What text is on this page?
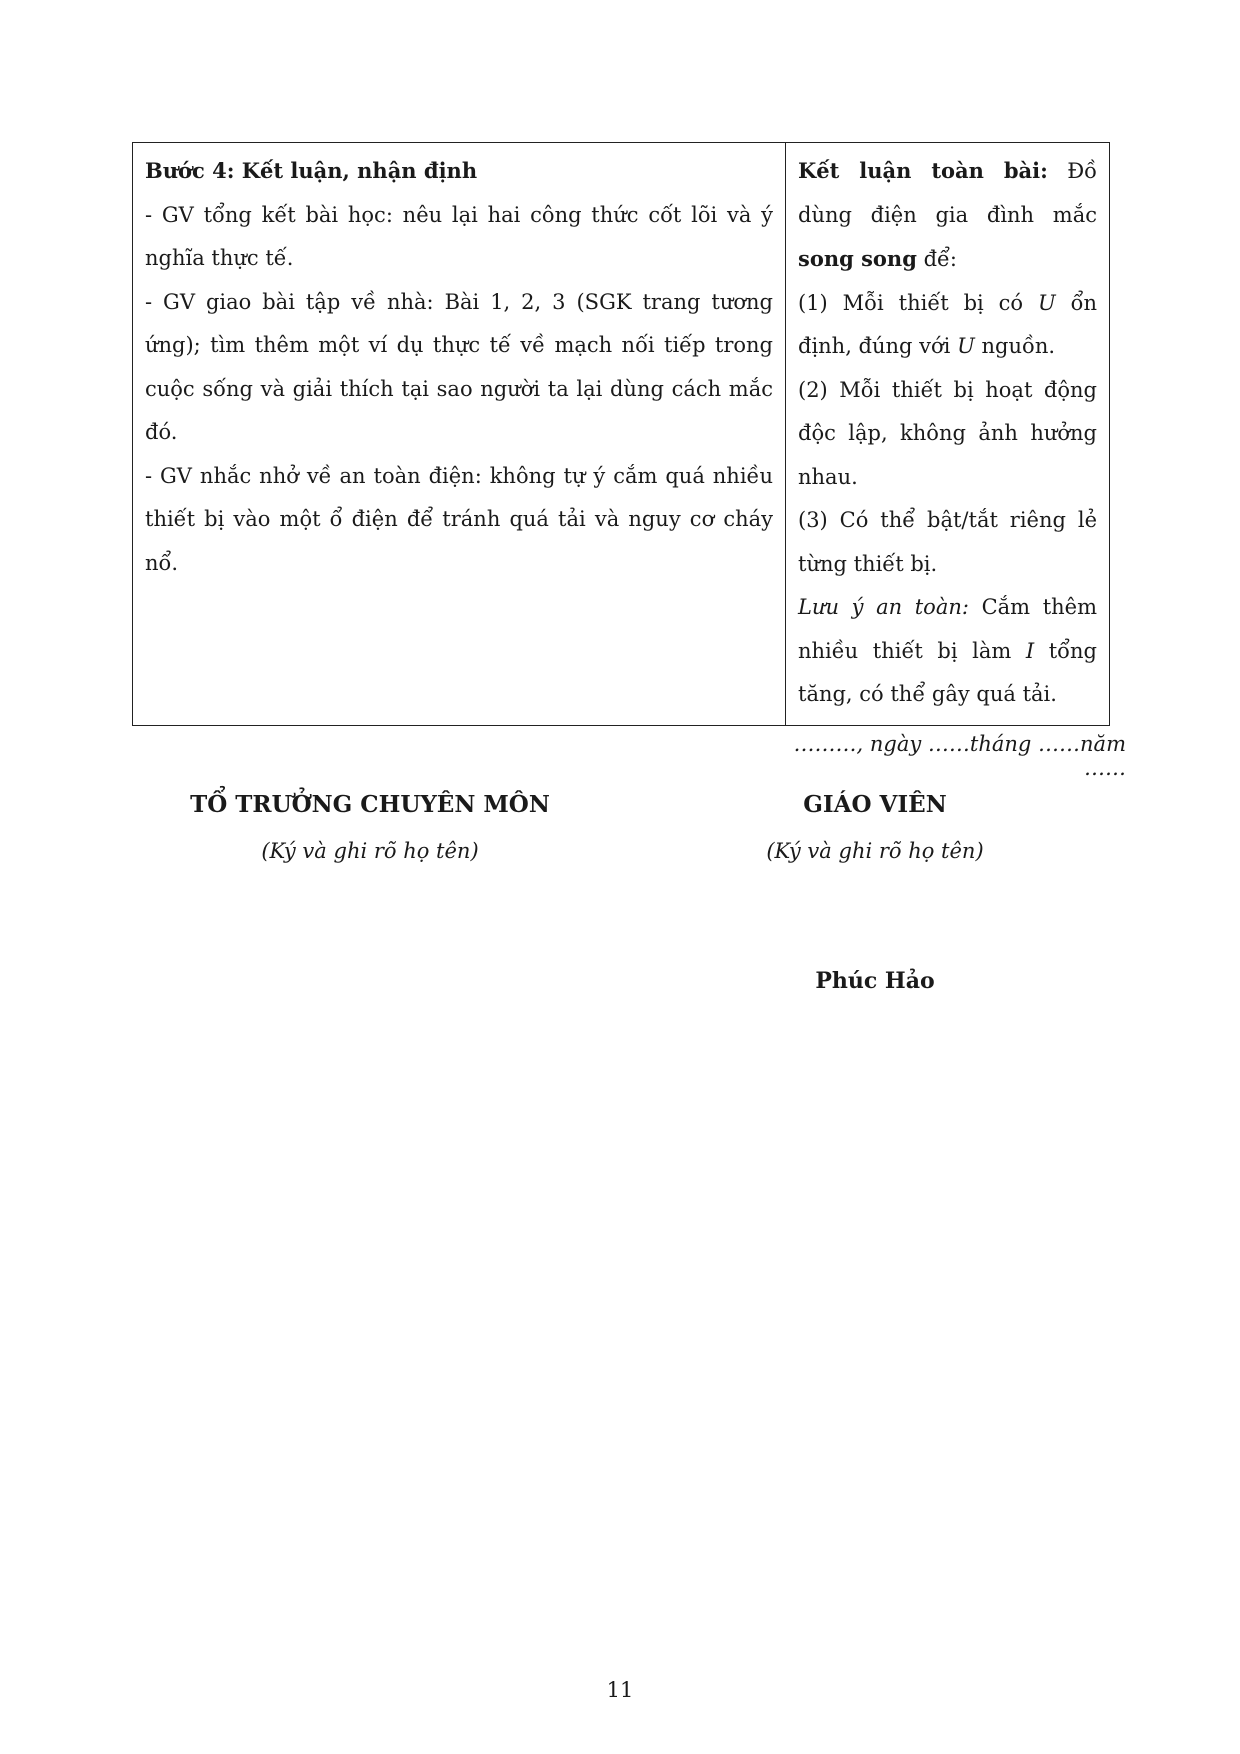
Bước 4: Kết luận, nhận định
- GV tổng kết bài học: nêu lại hai công thức cốt lõi và ý nghĩa thực tế.
- GV giao bài tập về nhà: Bài 1, 2, 3 (SGK trang tương ứng); tìm thêm một ví dụ thực tế về mạch nối tiếp trong cuộc sống và giải thích tại sao người ta lại dùng cách mắc đó.
- GV nhắc nhở về an toàn điện: không tự ý cắm quá nhiều thiết bị vào một ổ điện để tránh quá tải và nguy cơ cháy nổ.

Kết luận toàn bài: Đồ dùng điện gia đình mắc song song để:
(1) Mỗi thiết bị có U ổn định, đúng với U nguồn.
(2) Mỗi thiết bị hoạt động độc lập, không ảnh hưởng nhau.
(3) Có thể bật/tắt riêng lẻ từng thiết bị.
Lưu ý an toàn: Cắm thêm nhiều thiết bị làm I tổng tăng, có thể gây quá tải.
………, ngày ……tháng ……năm ……
TỔ TRƯỞNG CHUYÊN MÔN
(Ký và ghi rõ họ tên)
GIÁO VIÊN
(Ký và ghi rõ họ tên)
Phúc Hảo
11
